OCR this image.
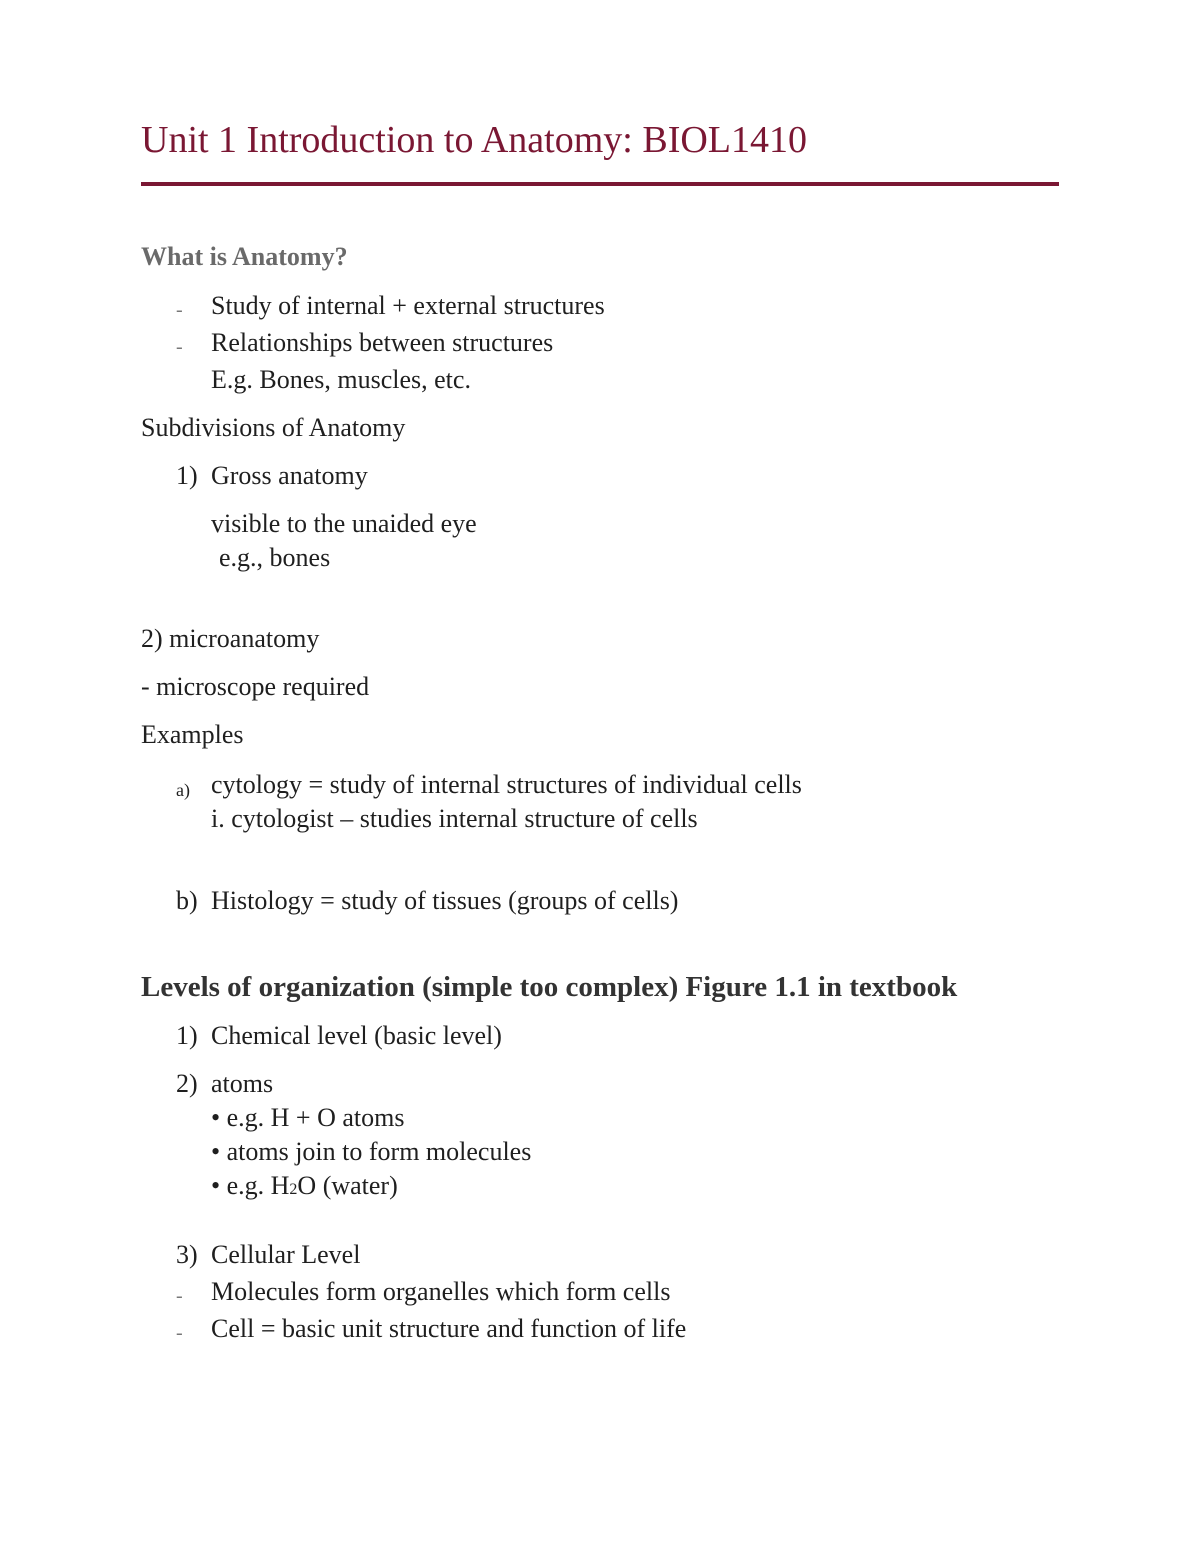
Unit 1 Introduction to Anatomy: BIOL1410
What is Anatomy?
- Study of internal + external structures
- Relationships between structures
E.g. Bones, muscles, etc.
Subdivisions of Anatomy
1) Gross anatomy
visible to the unaided eye
e.g., bones
2) microanatomy
- microscope required
Examples
a) cytology = study of internal structures of individual cells
i. cytologist – studies internal structure of cells
b) Histology = study of tissues (groups of cells)
Levels of organization (simple too complex) Figure 1.1 in textbook
1) Chemical level (basic level)
2) atoms
• e.g. H + O atoms
• atoms join to form molecules
• e.g. H2O (water)
3) Cellular Level
- Molecules form organelles which form cells
- Cell = basic unit structure and function of life
